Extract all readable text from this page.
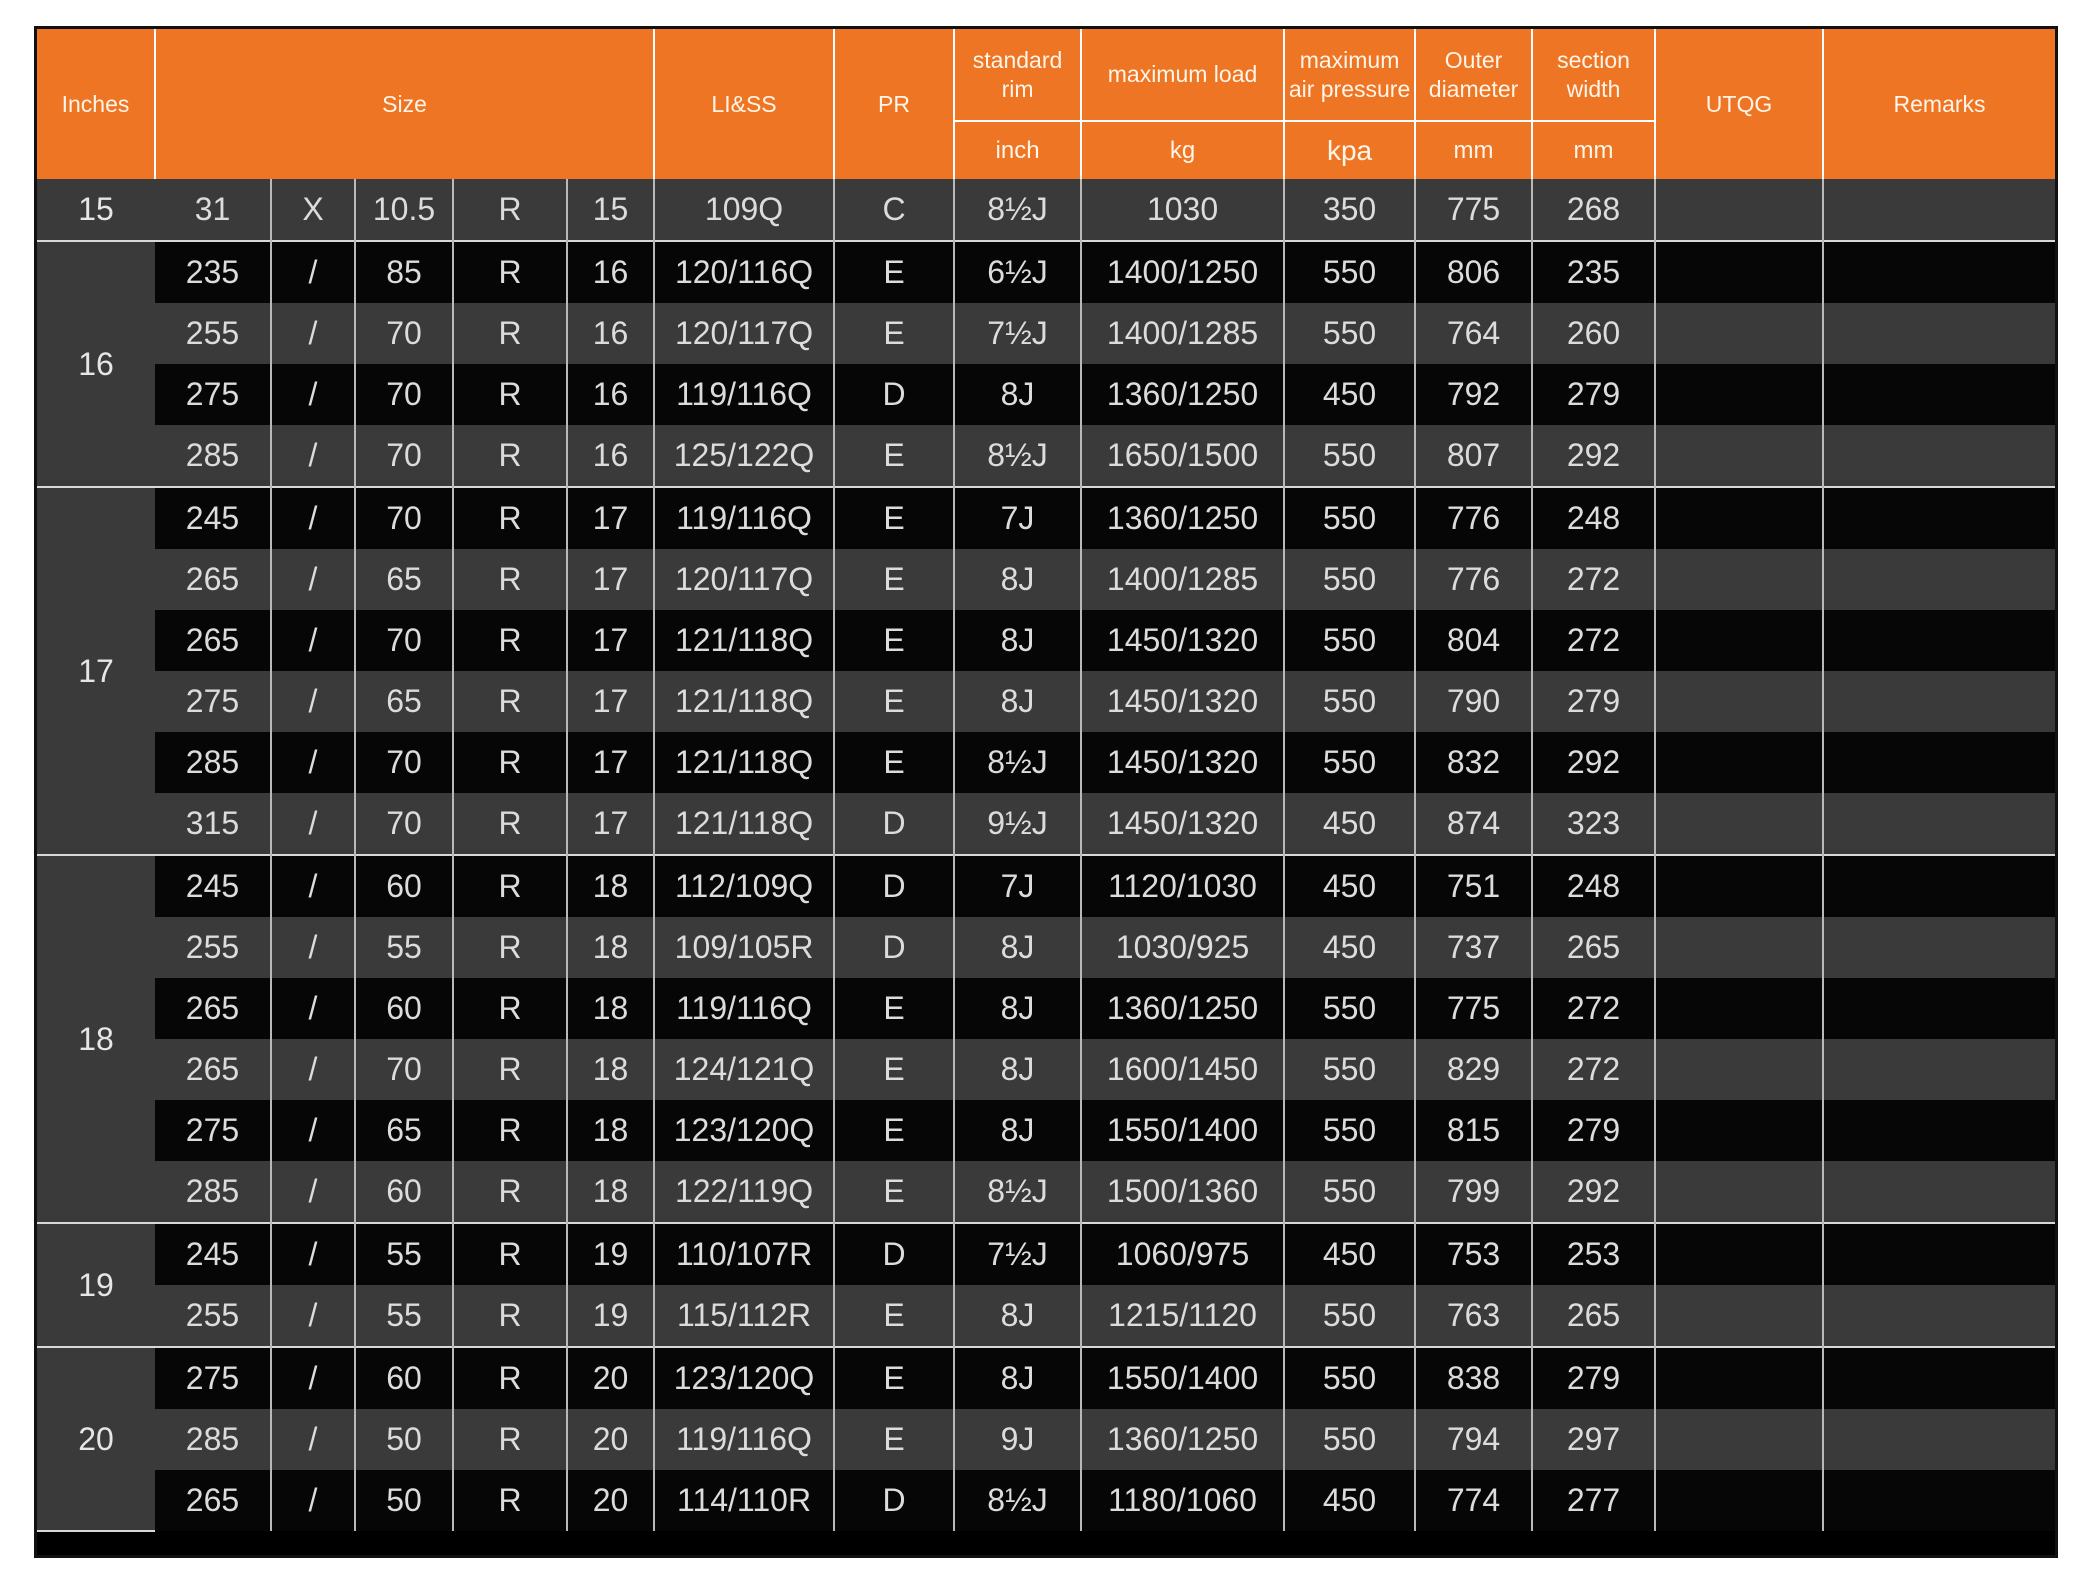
Inches	Size					LI&SS	PR	standard rim	maximum load	maximum air pressure	Outer diameter	section width	UTQG	Remarks
								inch	kg	kpa	mm	mm		
15	31	X	10.5	R	15	109Q	C	8½J	1030	350	775	268		
16	235	/	85	R	16	120/116Q	E	6½J	1400/1250	550	806	235		
	255	/	70	R	16	120/117Q	E	7½J	1400/1285	550	764	260		
	275	/	70	R	16	119/116Q	D	8J	1360/1250	450	792	279		
	285	/	70	R	16	125/122Q	E	8½J	1650/1500	550	807	292		
17	245	/	70	R	17	119/116Q	E	7J	1360/1250	550	776	248		
	265	/	65	R	17	120/117Q	E	8J	1400/1285	550	776	272		
	265	/	70	R	17	121/118Q	E	8J	1450/1320	550	804	272		
	275	/	65	R	17	121/118Q	E	8J	1450/1320	550	790	279		
	285	/	70	R	17	121/118Q	E	8½J	1450/1320	550	832	292		
	315	/	70	R	17	121/118Q	D	9½J	1450/1320	450	874	323		
18	245	/	60	R	18	112/109Q	D	7J	1120/1030	450	751	248		
	255	/	55	R	18	109/105R	D	8J	1030/925	450	737	265		
	265	/	60	R	18	119/116Q	E	8J	1360/1250	550	775	272		
	265	/	70	R	18	124/121Q	E	8J	1600/1450	550	829	272		
	275	/	65	R	18	123/120Q	E	8J	1550/1400	550	815	279		
	285	/	60	R	18	122/119Q	E	8½J	1500/1360	550	799	292		
19	245	/	55	R	19	110/107R	D	7½J	1060/975	450	753	253		
	255	/	55	R	19	115/112R	E	8J	1215/1120	550	763	265		
20	275	/	60	R	20	123/120Q	E	8J	1550/1400	550	838	279		
	285	/	50	R	20	119/116Q	E	9J	1360/1250	550	794	297		
	265	/	50	R	20	114/110R	D	8½J	1180/1060	450	774	277		
